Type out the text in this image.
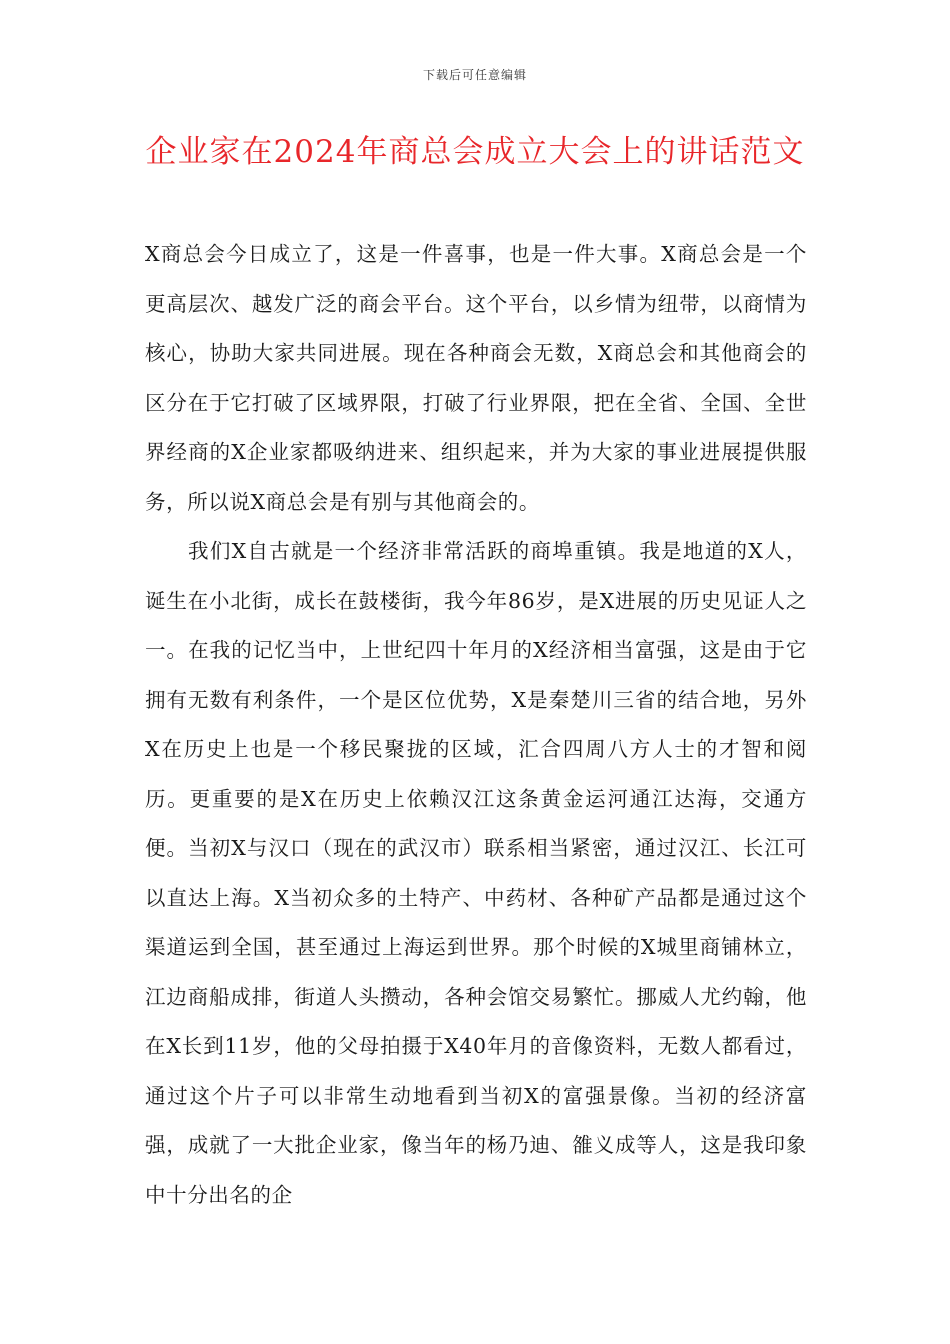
下载后可任意编辑
企业家在2024年商总会成立大会上的讲话范文

X商总会今日成立了，这是一件喜事，也是一件大事。X商总会是一个更高层次、越发广泛的商会平台。这个平台，以乡情为纽带，以商情为核心，协助大家共同进展。现在各种商会无数，X商总会和其他商会的区分在于它打破了区域界限，打破了行业界限，把在全省、全国、全世界经商的X企业家都吸纳进来、组织起来，并为大家的事业进展提供服务，所以说X商总会是有别与其他商会的。

我们X自古就是一个经济非常活跃的商埠重镇。我是地道的X人，诞生在小北街，成长在鼓楼街，我今年86岁，是X进展的历史见证人之一。在我的记忆当中，上世纪四十年月的X经济相当富强，这是由于它拥有无数有利条件，一个是区位优势，X是秦楚川三省的结合地，另外X在历史上也是一个移民聚拢的区域，汇合四周八方人士的才智和阅历。更重要的是X在历史上依赖汉江这条黄金运河通江达海，交通方便。当初X与汉口（现在的武汉市）联系相当紧密，通过汉江、长江可以直达上海。X当初众多的土特产、中药材、各种矿产品都是通过这个渠道运到全国，甚至通过上海运到世界。那个时候的X城里商铺林立，江边商船成排，街道人头攒动，各种会馆交易繁忙。挪威人尤约翰，他在X长到11岁，他的父母拍摄于X40年月的音像资料，无数人都看过，通过这个片子可以非常生动地看到当初X的富强景像。当初的经济富强，成就了一大批企业家，像当年的杨乃迪、雒义成等人，这是我印象中十分出名的企
